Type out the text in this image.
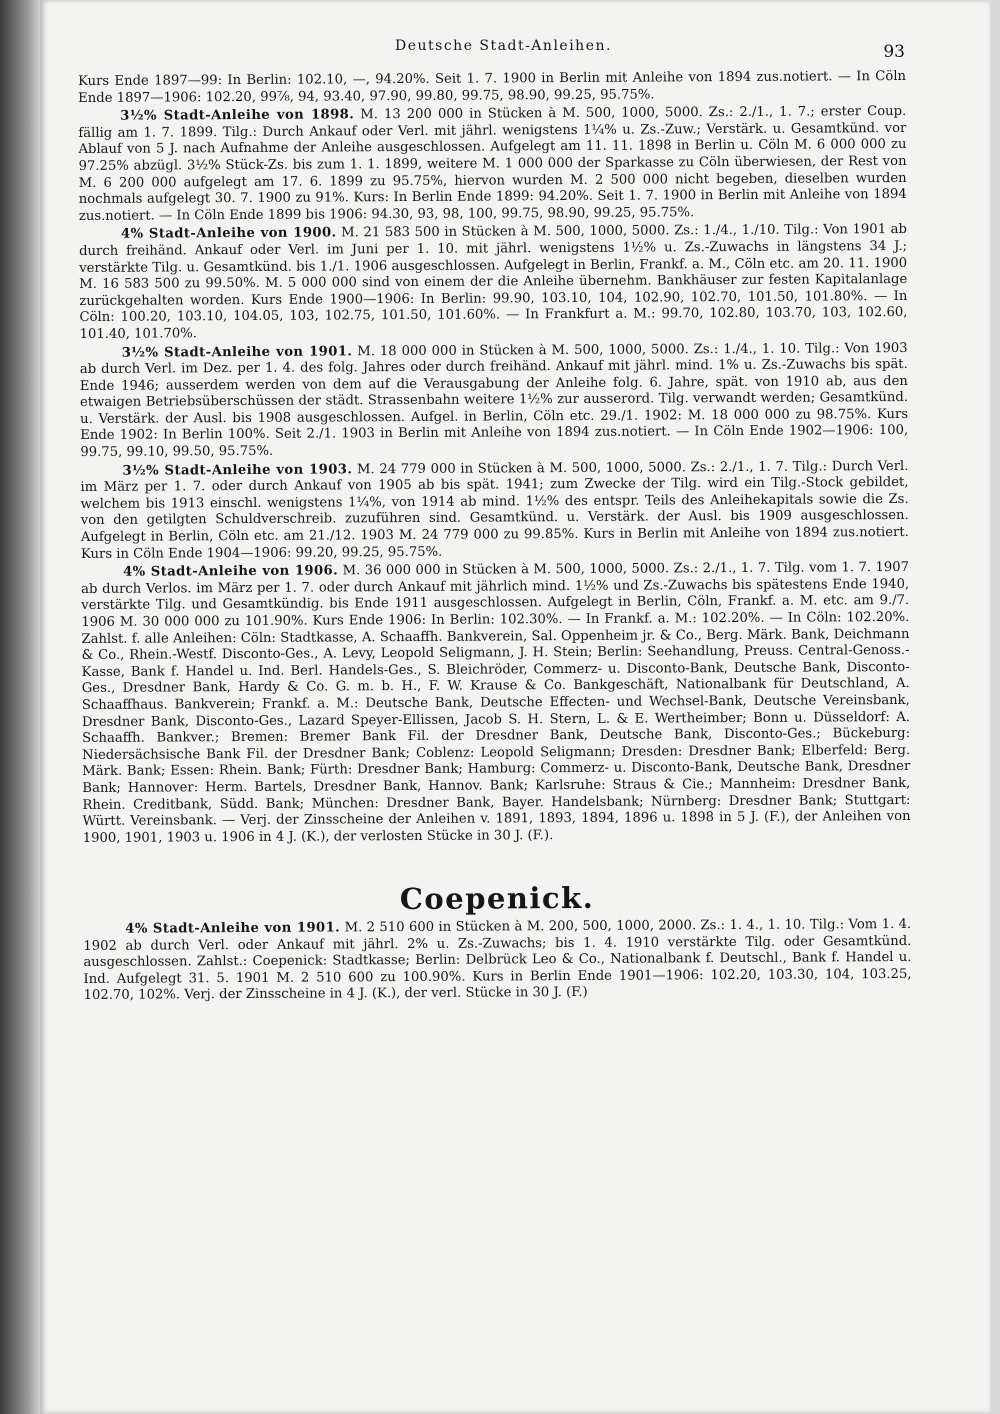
Deutsche Stadt-Anleihen.	93

Kurs Ende 1897—99: In Berlin: 102.10, —, 94.20%. Seit 1. 7. 1900 in Berlin mit Anleihe von 1894 zus.notiert. — In Cöln Ende 1897—1906: 102.20, 99⅞, 94, 93.40, 97.90, 99.80, 99.75, 98.90, 99.25, 95.75%.

3½% Stadt-Anleihe von 1898. M. 13 200 000 in Stücken à M. 500, 1000, 5000. Zs.: 2./1., 1. 7.; erster Coup. fällig am 1. 7. 1899. Tilg.: Durch Ankauf oder Verl. mit jährl. wenigstens 1¼% u. Zs.-Zuw.; Verstärk. u. Gesamtkünd. vor Ablauf von 5 J. nach Aufnahme der Anleihe ausgeschlossen. Aufgelegt am 11. 11. 1898 in Berlin u. Cöln M. 6 000 000 zu 97.25% abzügl. 3½% Stück-Zs. bis zum 1. 1. 1899, weitere M. 1 000 000 der Sparkasse zu Cöln überwiesen, der Rest von M. 6 200 000 aufgelegt am 17. 6. 1899 zu 95.75%, hiervon wurden M. 2 500 000 nicht begeben, dieselben wurden nochmals aufgelegt 30. 7. 1900 zu 91%. Kurs: In Berlin Ende 1899: 94.20%. Seit 1. 7. 1900 in Berlin mit Anleihe von 1894 zus.notiert. — In Cöln Ende 1899 bis 1906: 94.30, 93, 98, 100, 99.75, 98.90, 99.25, 95.75%.

4% Stadt-Anleihe von 1900. M. 21 583 500 in Stücken à M. 500, 1000, 5000. Zs.: 1./4., 1./10. Tilg.: Von 1901 ab durch freihänd. Ankauf oder Verl. im Juni per 1. 10. mit jährl. wenigstens 1½% u. Zs.-Zuwachs in längstens 34 J.; verstärkte Tilg. u. Gesamtkünd. bis 1./1. 1906 ausgeschlossen. Aufgelegt in Berlin, Frankf. a. M., Cöln etc. am 20. 11. 1900 M. 16 583 500 zu 99.50%. M. 5 000 000 sind von einem der die Anleihe übernehm. Bankhäuser zur festen Kapitalanlage zurückgehalten worden. Kurs Ende 1900—1906: In Berlin: 99.90, 103.10, 104, 102.90, 102.70, 101.50, 101.80%. — In Cöln: 100.20, 103.10, 104.05, 103, 102.75, 101.50, 101.60%. — In Frankfurt a. M.: 99.70, 102.80, 103.70, 103, 102.60, 101.40, 101.70%.

3½% Stadt-Anleihe von 1901. M. 18 000 000 in Stücken à M. 500, 1000, 5000. Zs.: 1./4., 1. 10. Tilg.: Von 1903 ab durch Verl. im Dez. per 1. 4. des folg. Jahres oder durch freihänd. Ankauf mit jährl. mind. 1% u. Zs.-Zuwachs bis spät. Ende 1946; ausserdem werden von dem auf die Verausgabung der Anleihe folg. 6. Jahre, spät. von 1910 ab, aus den etwaigen Betriebsüberschüssen der städt. Strassenbahn weitere 1½% zur ausserord. Tilg. verwandt werden; Gesamtkünd. u. Verstärk. der Ausl. bis 1908 ausgeschlossen. Aufgel. in Berlin, Cöln etc. 29./1. 1902: M. 18 000 000 zu 98.75%. Kurs Ende 1902: In Berlin 100%. Seit 2./1. 1903 in Berlin mit Anleihe von 1894 zus.notiert. — In Cöln Ende 1902—1906: 100, 99.75, 99.10, 99.50, 95.75%.

3½% Stadt-Anleihe von 1903. M. 24 779 000 in Stücken à M. 500, 1000, 5000. Zs.: 2./1., 1. 7. Tilg.: Durch Verl. im März per 1. 7. oder durch Ankauf von 1905 ab bis spät. 1941; zum Zwecke der Tilg. wird ein Tilg.-Stock gebildet, welchem bis 1913 einschl. wenigstens 1¼%, von 1914 ab mind. 1½% des entspr. Teils des Anleihekapitals sowie die Zs. von den getilgten Schuldverschreib. zuzuführen sind. Gesamtkünd. u. Verstärk. der Ausl. bis 1909 ausgeschlossen. Aufgelegt in Berlin, Cöln etc. am 21./12. 1903 M. 24 779 000 zu 99.85%. Kurs in Berlin mit Anleihe von 1894 zus.notiert. Kurs in Cöln Ende 1904—1906: 99.20, 99.25, 95.75%.

4% Stadt-Anleihe von 1906. M. 36 000 000 in Stücken à M. 500, 1000, 5000. Zs.: 2./1., 1. 7. Tilg. vom 1. 7. 1907 ab durch Verlos. im März per 1. 7. oder durch Ankauf mit jährlich mind. 1½% und Zs.-Zuwachs bis spätestens Ende 1940, verstärkte Tilg. und Gesamtkündig. bis Ende 1911 ausgeschlossen. Aufgelegt in Berlin, Cöln, Frankf. a. M. etc. am 9./7. 1906 M. 30 000 000 zu 101.90%. Kurs Ende 1906: In Berlin: 102.30%. — In Frankf. a. M.: 102.20%. — In Cöln: 102.20%. Zahlst. f. alle Anleihen: Cöln: Stadtkasse, A. Schaaffh. Bankverein, Sal. Oppenheim jr. & Co., Berg. Märk. Bank, Deichmann & Co., Rhein.-Westf. Disconto-Ges., A. Levy, Leopold Seligmann, J. H. Stein; Berlin: Seehandlung, Preuss. Central-Genoss.-Kasse, Bank f. Handel u. Ind. Berl. Handels-Ges., S. Bleichröder, Commerz- u. Disconto-Bank, Deutsche Bank, Disconto-Ges., Dresdner Bank, Hardy & Co. G. m. b. H., F. W. Krause & Co. Bankgeschäft, Nationalbank für Deutschland, A. Schaaffhaus. Bankverein; Frankf. a. M.: Deutsche Bank, Deutsche Effecten- und Wechsel-Bank, Deutsche Vereinsbank, Dresdner Bank, Disconto-Ges., Lazard Speyer-Ellissen, Jacob S. H. Stern, L. & E. Wertheimber; Bonn u. Düsseldorf: A. Schaaffh. Bankver.; Bremen: Bremer Bank Fil. der Dresdner Bank, Deutsche Bank, Disconto-Ges.; Bückeburg: Niedersächsische Bank Fil. der Dresdner Bank; Coblenz: Leopold Seligmann; Dresden: Dresdner Bank; Elberfeld: Berg. Märk. Bank; Essen: Rhein. Bank; Fürth: Dresdner Bank; Hamburg: Commerz- u. Disconto-Bank, Deutsche Bank, Dresdner Bank; Hannover: Herm. Bartels, Dresdner Bank, Hannov. Bank; Karlsruhe: Straus & Cie.; Mannheim: Dresdner Bank, Rhein. Creditbank, Südd. Bank; München: Dresdner Bank, Bayer. Handelsbank; Nürnberg: Dresdner Bank; Stuttgart: Württ. Vereinsbank. — Verj. der Zinsscheine der Anleihen v. 1891, 1893, 1894, 1896 u. 1898 in 5 J. (F.), der Anleihen von 1900, 1901, 1903 u. 1906 in 4 J. (K.), der verlosten Stücke in 30 J. (F.).

Coepenick.

4% Stadt-Anleihe von 1901. M. 2 510 600 in Stücken à M. 200, 500, 1000, 2000. Zs.: 1. 4., 1. 10. Tilg.: Vom 1. 4. 1902 ab durch Verl. oder Ankauf mit jährl. 2% u. Zs.-Zuwachs; bis 1. 4. 1910 verstärkte Tilg. oder Gesamtkünd. ausgeschlossen. Zahlst.: Coepenick: Stadtkasse; Berlin: Delbrück Leo & Co., Nationalbank f. Deutschl., Bank f. Handel u. Ind. Aufgelegt 31. 5. 1901 M. 2 510 600 zu 100.90%. Kurs in Berlin Ende 1901—1906: 102.20, 103.30, 104, 103.25, 102.70, 102%. Verj. der Zinsscheine in 4 J. (K.), der verl. Stücke in 30 J. (F.)
